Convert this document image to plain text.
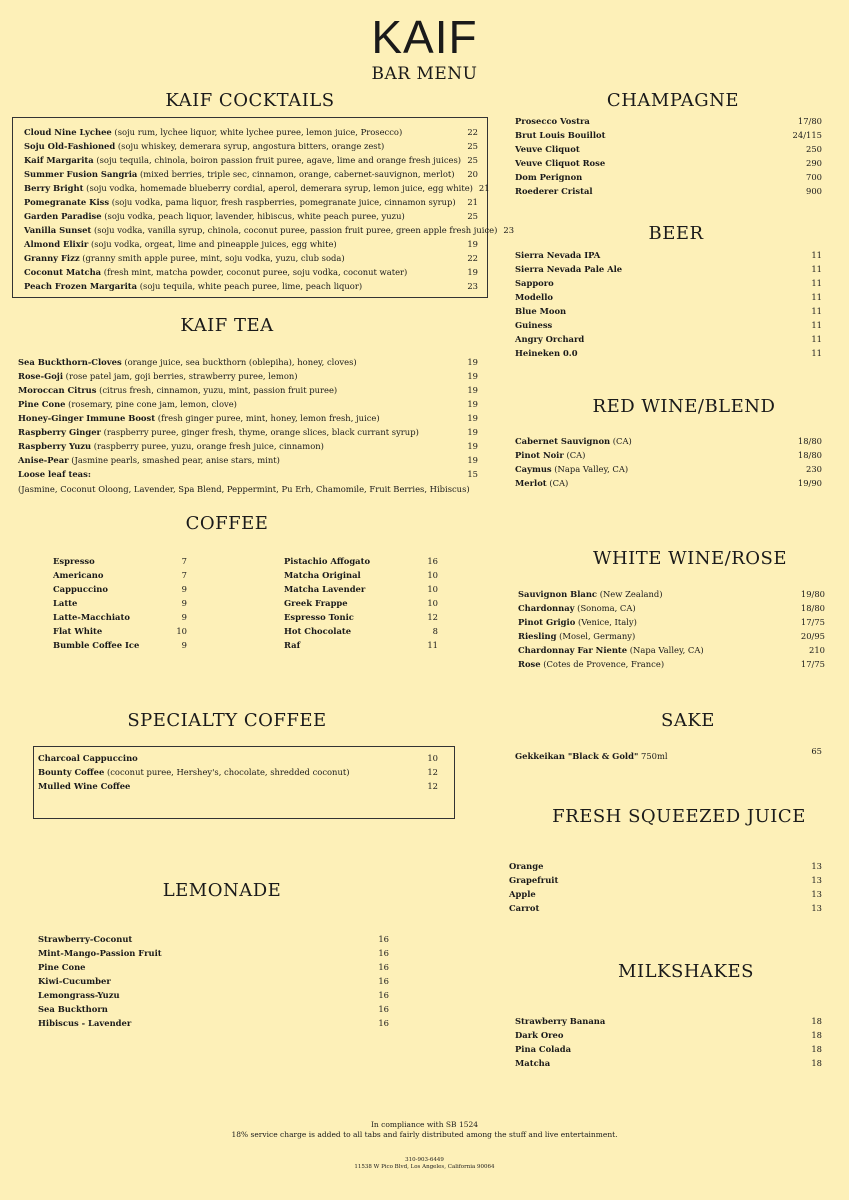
KAIF
BAR MENU
KAIF COCKTAILS
Cloud Nine Lychee (soju rum, lychee liquor, white lychee puree, lemon juice, Prosecco)	22
Soju Old-Fashioned (soju whiskey, demerara syrup, angostura bitters, orange zest)	25
Kaif Margarita (soju tequila, chinola, boiron passion fruit puree, agave, lime and orange fresh juices) 25
Summer Fusion Sangria (mixed berries, triple sec, cinnamon, orange, cabernet-sauvignon, merlot)	20
Berry Bright (soju vodka, homemade blueberry cordial, aperol, demerara syrup, lemon juice, egg white) 21
Pomegranate Kiss (soju vodka, pama liquor, fresh raspberries, pomegranate juice, cinnamon syrup)	21
Garden Paradise (soju vodka, peach liquor, lavender, hibiscus, white peach puree, yuzu)	25
Vanilla Sunset (soju vodka, vanilla syrup, chinola, coconut puree, passion fruit puree, green apple fresh juice) 23
Almond Elixir (soju vodka, orgeat, lime and pineapple juices, egg white)	19
Granny Fizz (granny smith apple puree, mint, soju vodka, yuzu, club soda)	22
Coconut Matcha (fresh mint, matcha powder, coconut puree, soju vodka, coconut water)	19
Peach Frozen Margarita (soju tequila, white peach puree, lime, peach liquor)	23
KAIF TEA
Sea Buckthorn-Cloves (orange juice, sea buckthorn (oblepiha), honey, cloves)	19
Rose-Goji (rose patel jam, goji berries, strawberry puree, lemon)	19
Moroccan Citrus (citrus fresh, cinnamon, yuzu, mint, passion fruit puree)	19
Pine Cone (rosemary, pine cone jam, lemon, clove)	19
Honey-Ginger Immune Boost (fresh ginger puree, mint, honey, lemon fresh, juice)	19
Raspberry Ginger (raspberry puree, ginger fresh, thyme, orange slices, black currant syrup)	19
Raspberry Yuzu (raspberry puree, yuzu, orange fresh juice, cinnamon)	19
Anise-Pear (Jasmine pearls, smashed pear, anise stars, mint)	19
Loose leaf teas:	15
(Jasmine, Coconut Oloong, Lavender, Spa Blend, Peppermint, Pu Erh, Chamomile, Fruit Berries, Hibiscus)
COFFEE
Espresso	7
Americano	7
Cappuccino	9
Latte	9
Latte-Macchiato	9
Flat White	10
Bumble Coffee Ice	9
Pistachio Affogato	16
Matcha Original	10
Matcha Lavender	10
Greek Frappe	10
Espresso Tonic	12
Hot Chocolate	8
Raf	11
SPECIALTY COFFEE
Charcoal Cappuccino	10
Bounty Coffee (coconut puree, Hershey's, chocolate, shredded coconut)	12
Mulled Wine Coffee	12
LEMONADE
Strawberry-Coconut	16
Mint-Mango-Passion Fruit	16
Pine Cone	16
Kiwi-Cucumber	16
Lemongrass-Yuzu	16
Sea Buckthorn	16
Hibiscus - Lavender	16
CHAMPAGNE
Prosecco Vostra	17/80
Brut Louis Bouillot	24/115
Veuve Cliquot	250
Veuve Cliquot Rose	290
Dom Perignon	700
Roederer Cristal	900
BEER
Sierra Nevada IPA	11
Sierra Nevada Pale Ale	11
Sapporo	11
Modello	11
Blue Moon	11
Guiness	11
Angry Orchard	11
Heineken 0.0	11
RED WINE/BLEND
Cabernet Sauvignon (CA)	18/80
Pinot Noir (CA)	18/80
Caymus (Napa Valley, CA)	230
Merlot (CA)	19/90
WHITE WINE/ROSE
Sauvignon Blanc (New Zealand)	19/80
Chardonnay (Sonoma, CA)	18/80
Pinot Grigio (Venice, Italy)	17/75
Riesling (Mosel, Germany)	20/95
Chardonnay Far Niente (Napa Valley, CA)	210
Rose (Cotes de Provence, France)	17/75
SAKE
Gekkeikan "Black & Gold" 750ml	65
FRESH SQUEEZED JUICE
Orange	13
Grapefruit	13
Apple	13
Carrot	13
MILKSHAKES
Strawberry Banana	18
Dark Oreo	18
Pina Colada	18
Matcha	18
In compliance with SB 1524
18% service charge is added to all tabs and fairly distributed among the stuff and live entertainment.
310-903-6449
11538 W Pico Blvd, Los Angeles, California 90064
